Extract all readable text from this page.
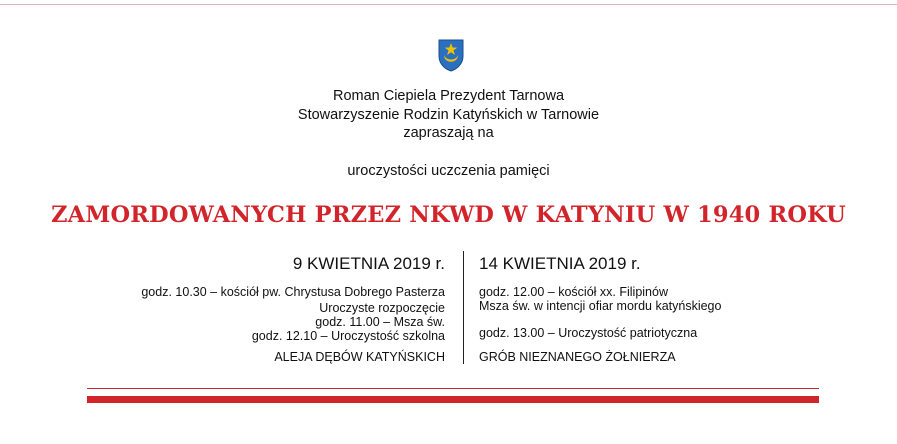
Roman Ciepiela Prezydent Tarnowa
Stowarzyszenie Rodzin Katyńskich w Tarnowie
zapraszają na
uroczystości uczczenia pamięci
ZAMORDOWANYCH PRZEZ NKWD W KATYNIU W 1940 ROKU
9 KWIETNIA 2019 r. 14 KWIETNIA 2019 r.
godz. 10.30 – kościół pw. Chrystusa Dobrego Pasterza
Uroczyste rozpoczęcie
godz. 11.00 – Msza św.
godz. 12.10 – Uroczystość szkolna
ALEJA DĘBÓW KATYŃSKICH
godz. 12.00 – kościół xx. Filipinów
Msza św. w intencji ofiar mordu katyńskiego
godz. 13.00 – Uroczystość patriotyczna
GRÓB NIEZNANEGO ŻOŁNIERZA
